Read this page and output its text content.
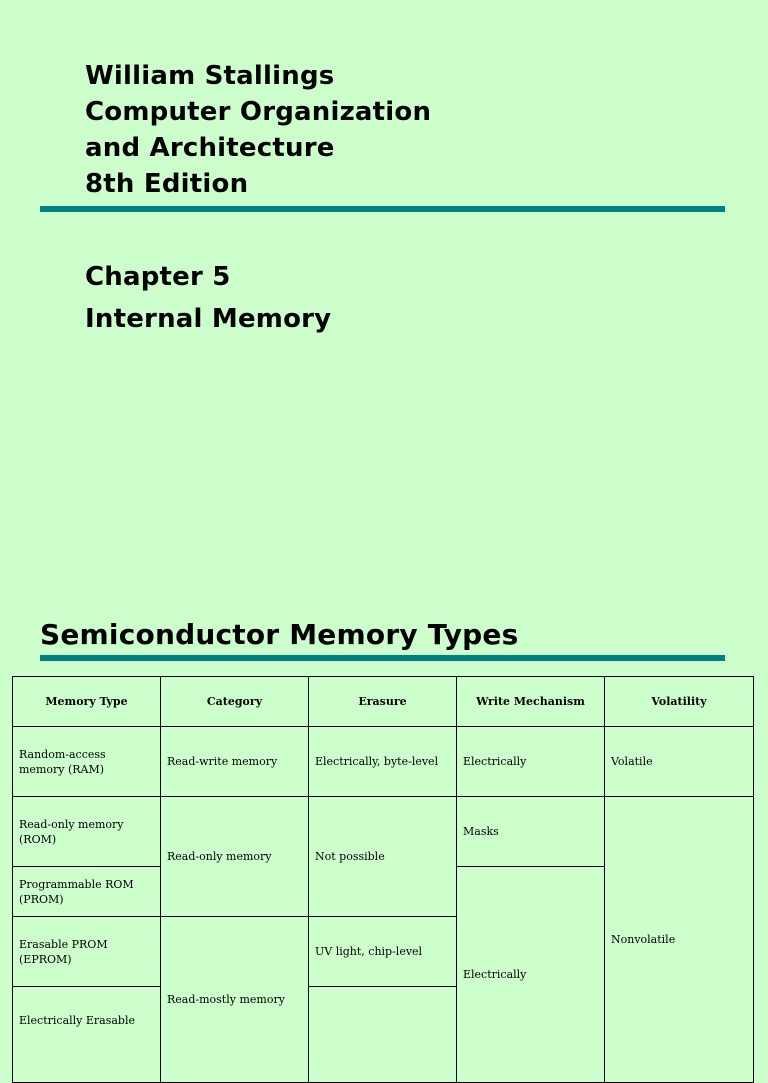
William Stallings
Computer Organization
and Architecture
8th Edition
Chapter 5
Internal Memory
Semiconductor Memory Types
Memory Type	Category	Erasure	Write Mechanism	Volatility
Random-access memory (RAM)	Read-write memory	Electrically, byte-level	Electrically	Volatile
Read-only memory (ROM)	Read-only memory	Not possible	Masks	Nonvolatile
Programmable ROM (PROM)			Electrically	
Erasable PROM (EPROM)	Read-mostly memory	UV light, chip-level		
Electrically Erasable				
